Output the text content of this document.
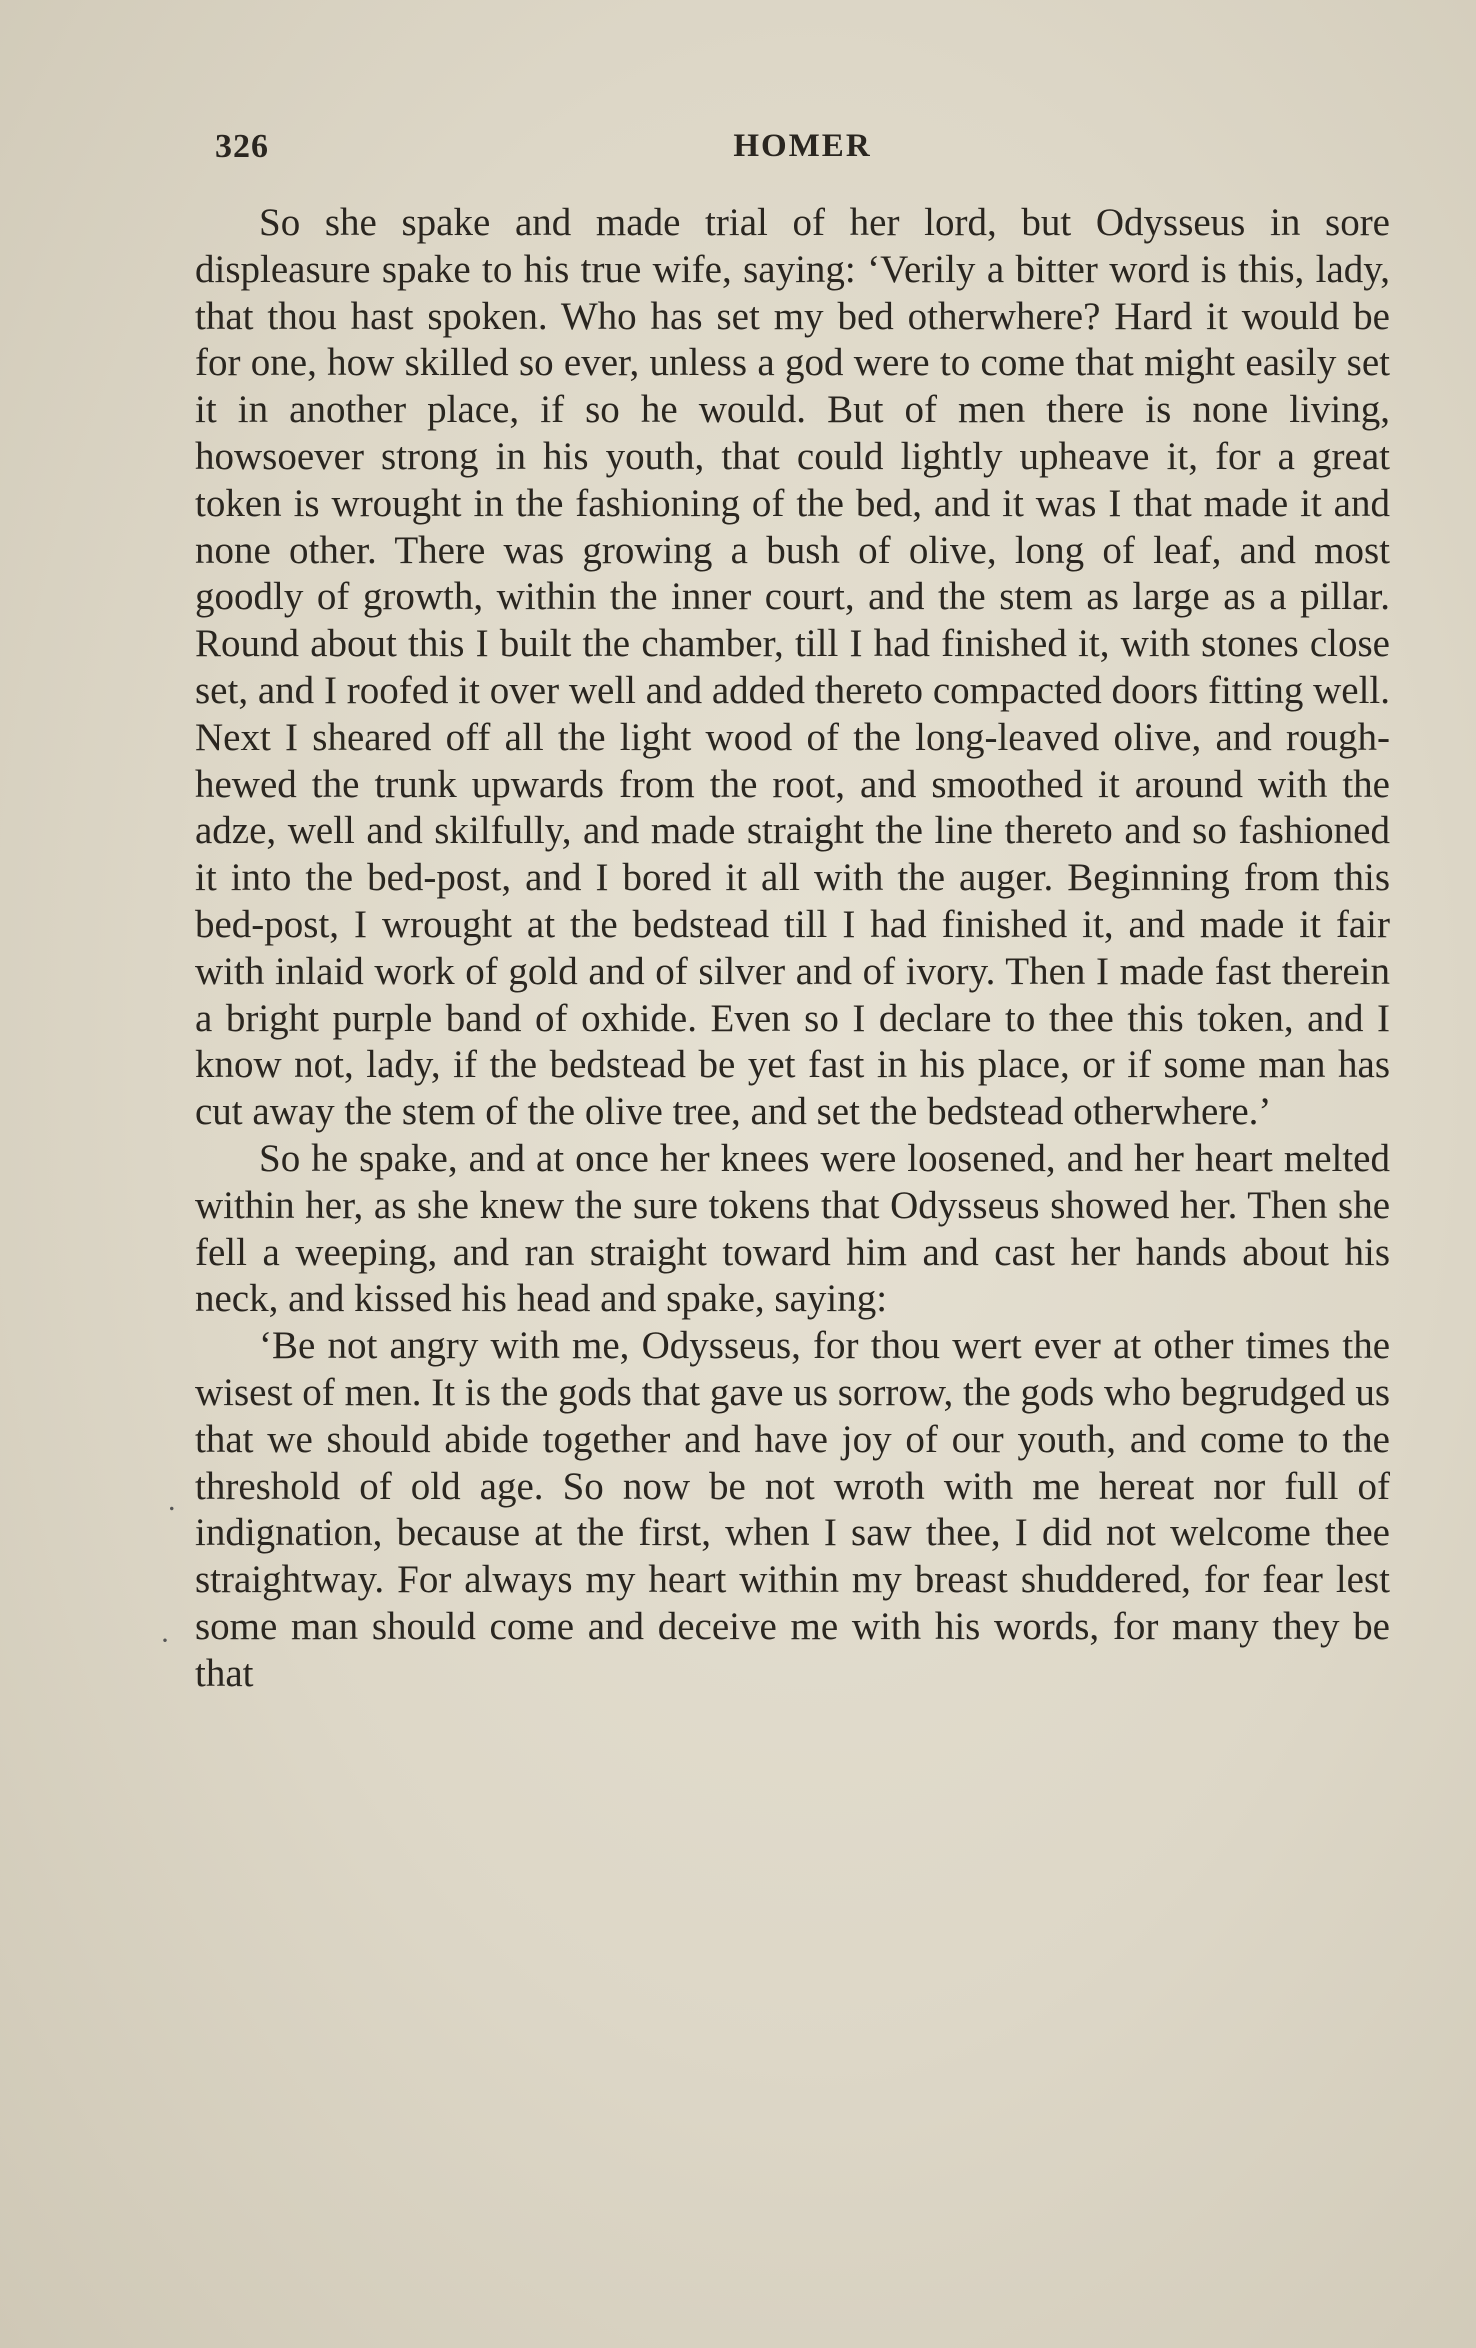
326	HOMER

So she spake and made trial of her lord, but Odysseus in sore displeasure spake to his true wife, saying: ‘Verily a bitter word is this, lady, that thou hast spoken. Who has set my bed otherwhere? Hard it would be for one, how skilled so ever, unless a god were to come that might easily set it in another place, if so he would. But of men there is none living, howsoever strong in his youth, that could lightly upheave it, for a great token is wrought in the fashioning of the bed, and it was I that made it and none other. There was growing a bush of olive, long of leaf, and most goodly of growth, within the inner court, and the stem as large as a pillar. Round about this I built the chamber, till I had finished it, with stones close set, and I roofed it over well and added thereto compacted doors fitting well. Next I sheared off all the light wood of the long-leaved olive, and roughhewed the trunk upwards from the root, and smoothed it around with the adze, well and skilfully, and made straight the line thereto and so fashioned it into the bed-post, and I bored it all with the auger. Beginning from this bed-post, I wrought at the bedstead till I had finished it, and made it fair with inlaid work of gold and of silver and of ivory. Then I made fast therein a bright purple band of oxhide. Even so I declare to thee this token, and I know not, lady, if the bedstead be yet fast in his place, or if some man has cut away the stem of the olive tree, and set the bedstead otherwhere.’

So he spake, and at once her knees were loosened, and her heart melted within her, as she knew the sure tokens that Odysseus showed her. Then she fell a weeping, and ran straight toward him and cast her hands about his neck, and kissed his head and spake, saying:

‘Be not angry with me, Odysseus, for thou wert ever at other times the wisest of men. It is the gods that gave us sorrow, the gods who begrudged us that we should abide together and have joy of our youth, and come to the threshold of old age. So now be not wroth with me hereat nor full of indignation, because at the first, when I saw thee, I did not welcome thee straightway. For always my heart within my breast shuddered, for fear lest some man should come and deceive me with his words, for many they be that

.
·
